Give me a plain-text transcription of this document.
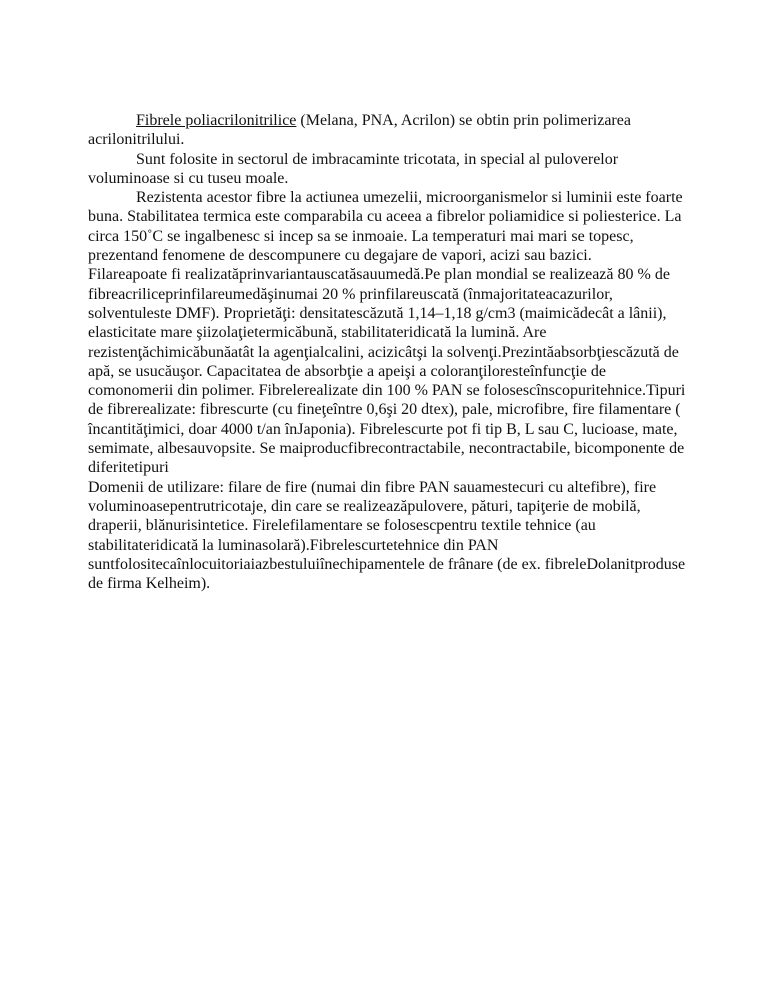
Fibrele poliacrilonitrilice (Melana, PNA, Acrilon) se obtin prin polimerizarea acrilonitrilului.

Sunt folosite in sectorul de imbracaminte tricotata, in special al puloverelor voluminoase si cu tuseu moale.

Rezistenta acestor fibre la actiunea umezelii, microorganismelor si luminii este foarte buna. Stabilitatea termica este comparabila cu aceea a fibrelor poliamidice si poliesterice. La circa 150˚C se ingalbenesc si incep sa se inmoaie. La temperaturi mai mari se topesc, prezentand fenomene de descompunere cu degajare de vapori, acizi sau bazici.

Filareapoate fi realizatăprinvariantauscatăsauumedă.Pe plan mondial se realizează 80 % de fibreacriliceprinfilareumedăşinumai 20 % prinfilareuscată (înmajoritateacazurilor, solventuleste DMF). Proprietăţi: densitatescăzută 1,14–1,18 g/cm3 (maimicădecât a lânii), elasticitate mare şiizolaţietermicăbună, stabilitateridicată la lumină. Are rezistenţăchimicăbunăatât la agenţialcalini, acizicâtşi la solvenţi.Prezintăabsorbţiescăzută de apă, se usucăuşor. Capacitatea de absorbţie a apeişi a coloranţiloresteînfuncţie de comonomerii din polimer. Fibrelerealizate din 100 % PAN se folosescînscopuritehnice.Tipuri de fibrerealizate: fibrescurte (cu fineţeîntre 0,6şi 20 dtex), pale, microfibre, fire filamentare ( încantităţimici, doar 4000 t/an înJaponia). Fibrelescurte pot fi tip B, L sau C, lucioase, mate, semimate, albesauvopsite. Se maiproducfibrecontractabile, necontractabile, bicomponente de diferitetipuri

Domenii de utilizare: filare de fire (numai din fibre PAN sauamestecuri cu altefibre), fire voluminoasepentrutricotaje, din care se realizeazăpulovere, pături, tapiţerie de mobilă, draperii, blănurisintetice. Firelefilamentare se folosescpentru textile tehnice (au stabilitateridicată la luminasolară).Fibrelescurtetehnice din PAN suntfolositecaînlocuitoriaiazbestuluiînechipamentele de frânare (de ex. fibreleDolanitproduse de firma Kelheim).
